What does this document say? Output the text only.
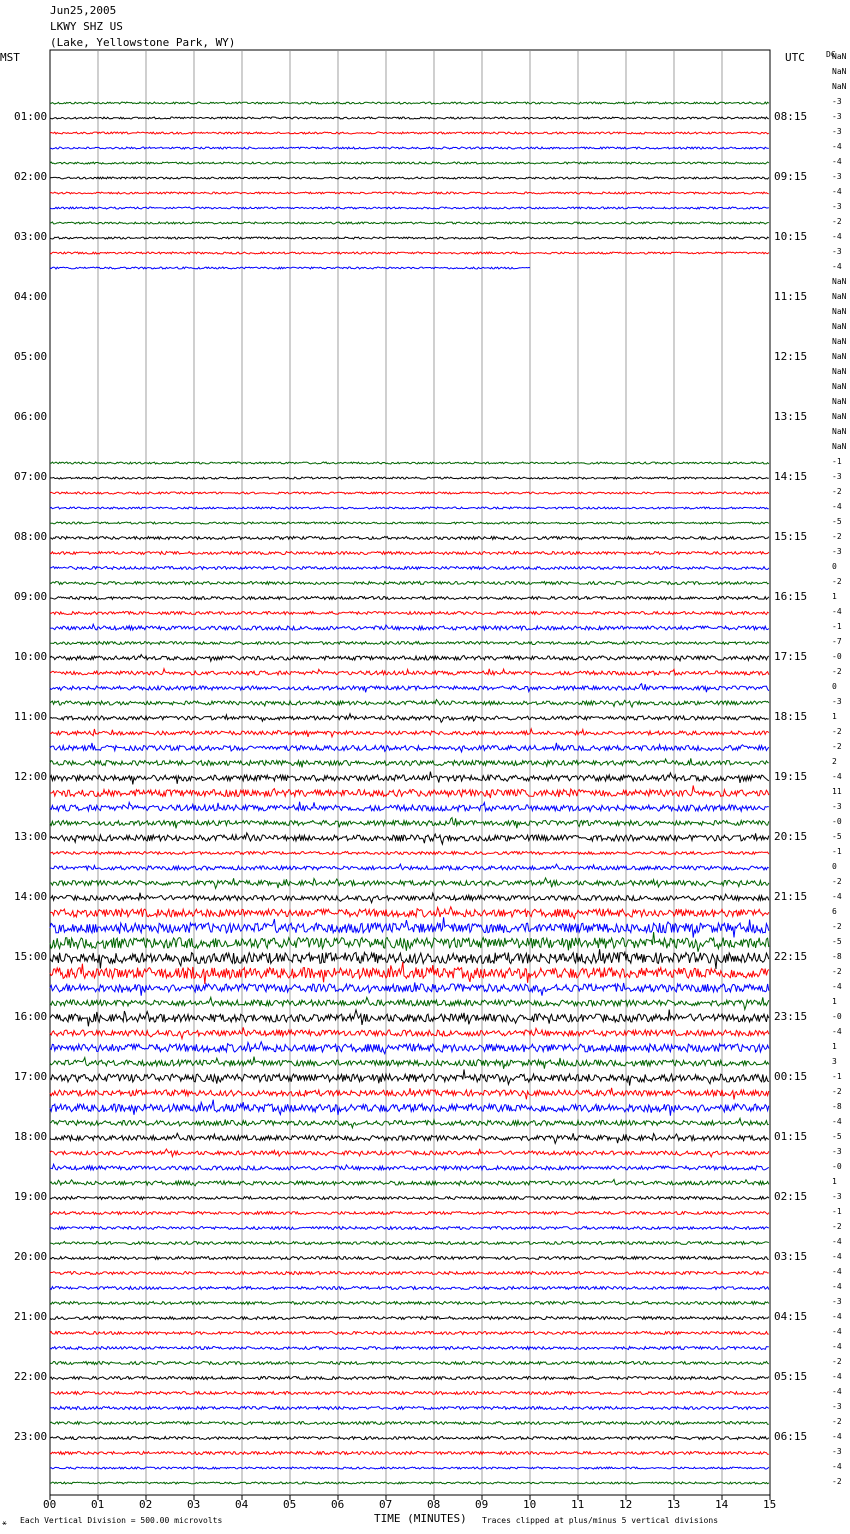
Jun25,2005
LKWY SHZ US
(Lake, Yellowstone Park, WY)
MST	UTC	DC
01:00
02:00
03:00
04:00
05:00
06:00
07:00
08:00
09:00
10:00
11:00
12:00
13:00
14:00
15:00
16:00
17:00
18:00
19:00
20:00
21:00
22:00
23:00
08:15
09:15
10:15
11:15
12:15
13:15
14:15
15:15
16:15
17:15
18:15
19:15
20:15
21:15
22:15
23:15
00:15
01:15
02:15
03:15
04:15
05:15
06:15
NaN
NaN
NaN
-3
-3
-3
-4
-4
-3
-4
-3
-2
-4
-3
-4
NaN
NaN
NaN
NaN
NaN
NaN
NaN
NaN
NaN
NaN
NaN
NaN
-1
-3
-2
-4
-5
-2
-3
0
-2
1
-4
-1
-7
-0
-2
0
-3
1
-2
-2
2
-4
11
-3
-0
-5
-1
0
-2
-4
6
-2
-5
-8
-2
-4
1
-0
-4
1
3
-1
-2
-8
-4
-5
-3
-0
1
-3
-1
-2
-4
-4
-4
-4
-3
-4
-4
-4
-2
-4
-4
-3
-2
-4
-3
-4
-2
00	01	02	03	04	05	06	07	08	09	10	11	12	13	14	15
⚹ Each Vertical Division = 500.00 microvolts	TIME (MINUTES) Traces clipped at plus/minus 5 vertical divisions
